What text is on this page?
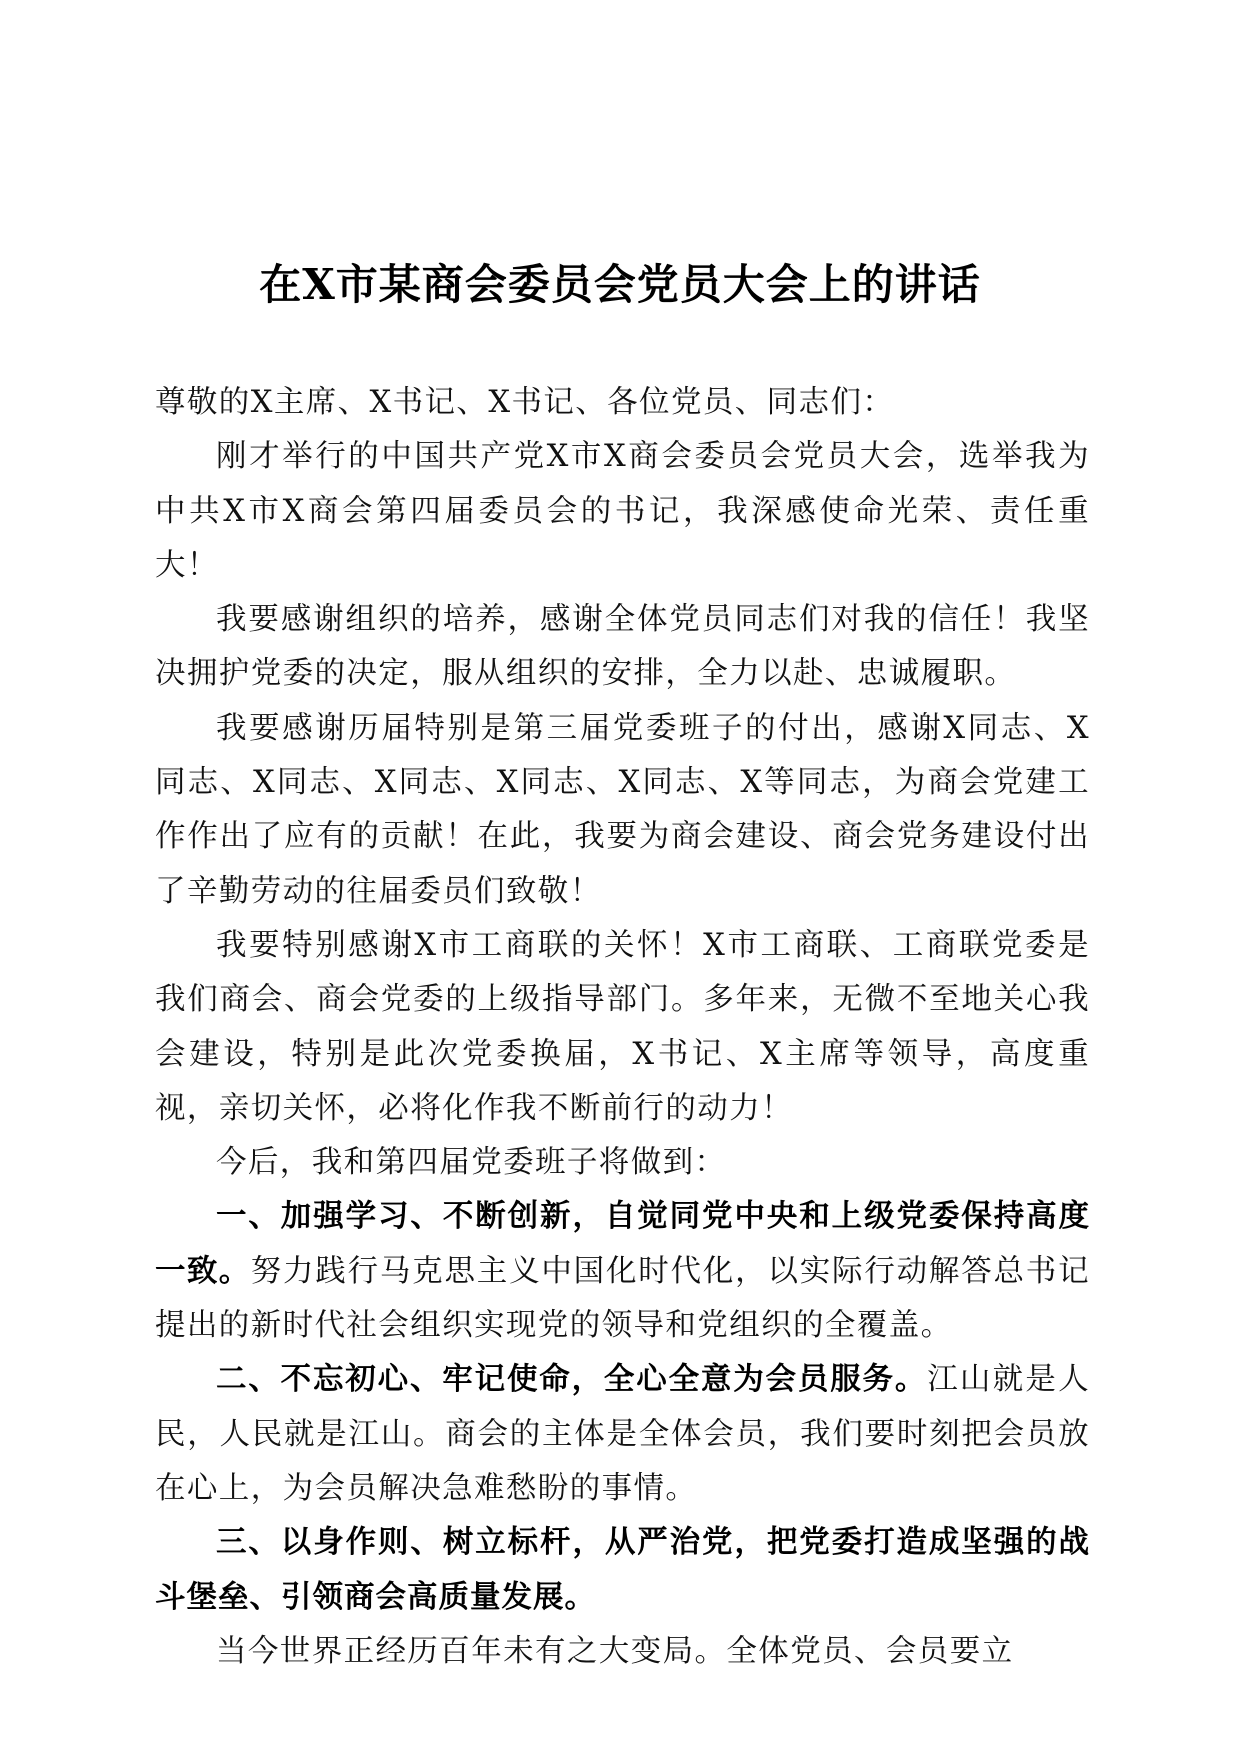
在X市某商会委员会党员大会上的讲话

尊敬的X主席、X书记、X书记、各位党员、同志们：

刚才举行的中国共产党X市X商会委员会党员大会，选举我为中共X市X商会第四届委员会的书记，我深感使命光荣、责任重大！

我要感谢组织的培养，感谢全体党员同志们对我的信任！我坚决拥护党委的决定，服从组织的安排，全力以赴、忠诚履职。

我要感谢历届特别是第三届党委班子的付出，感谢X同志、X同志、X同志、X同志、X同志、X同志、X等同志，为商会党建工作作出了应有的贡献！在此，我要为商会建设、商会党务建设付出了辛勤劳动的往届委员们致敬！

我要特别感谢X市工商联的关怀！X市工商联、工商联党委是我们商会、商会党委的上级指导部门。多年来，无微不至地关心我会建设，特别是此次党委换届，X书记、X主席等领导，高度重视，亲切关怀，必将化作我不断前行的动力！

今后，我和第四届党委班子将做到：

一、加强学习、不断创新，自觉同党中央和上级党委保持高度一致。努力践行马克思主义中国化时代化，以实际行动解答总书记提出的新时代社会组织实现党的领导和党组织的全覆盖。

二、不忘初心、牢记使命，全心全意为会员服务。江山就是人民，人民就是江山。商会的主体是全体会员，我们要时刻把会员放在心上，为会员解决急难愁盼的事情。

三、以身作则、树立标杆，从严治党，把党委打造成坚强的战斗堡垒、引领商会高质量发展。

当今世界正经历百年未有之大变局。全体党员、会员要立
